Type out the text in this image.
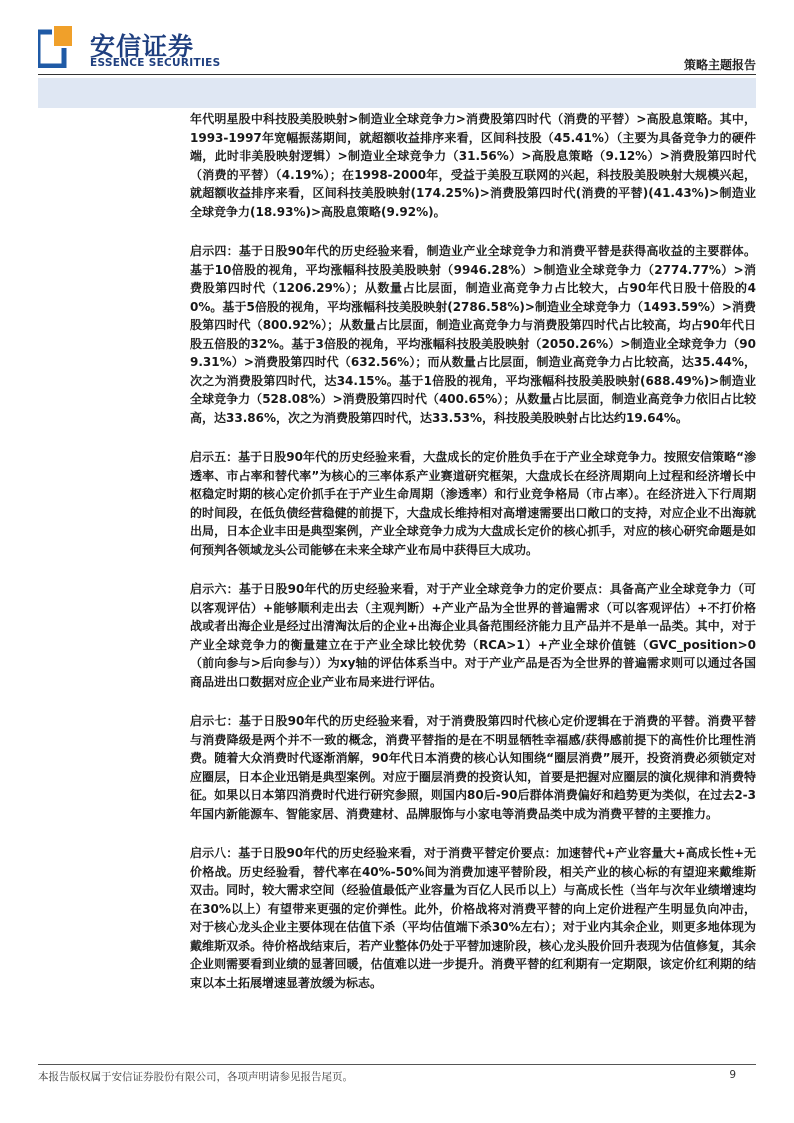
安信证券
ESSENCE SECURITIES	策略主题报告

年代明星股中科技股美股映射>制造业全球竞争力>消费股第四时代（消费的平替）>高股息策略。其中，1993-1997年宽幅振荡期间，就超额收益排序来看，区间科技股（45.41%）（主要为具备竞争力的硬件端，此时非美股映射逻辑）>制造业全球竞争力（31.56%）>高股息策略（9.12%）>消费股第四时代（消费的平替）（4.19%）；在1998-2000年，受益于美股互联网的兴起，科技股美股映射大规模兴起，就超额收益排序来看，区间科技美股映射(174.25%)>消费股第四时代(消费的平替)(41.43%)>制造业全球竞争力(18.93%)>高股息策略(9.92%)。

启示四：基于日股90年代的历史经验来看，制造业产业全球竞争力和消费平替是获得高收益的主要群体。基于10倍股的视角，平均涨幅科技股美股映射（9946.28%）>制造业全球竞争力（2774.77%）>消费股第四时代（1206.29%）；从数量占比层面，制造业高竞争力占比较大，占90年代日股十倍股的40%。基于5倍股的视角，平均涨幅科技美股映射(2786.58%)>制造业全球竞争力（1493.59%）>消费股第四时代（800.92%）；从数量占比层面，制造业高竞争力与消费股第四时代占比较高，均占90年代日股五倍股的32%。基于3倍股的视角，平均涨幅科技股美股映射（2050.26%）>制造业全球竞争力（909.31%）>消费股第四时代（632.56%）；而从数量占比层面，制造业高竞争力占比较高，达35.44%，次之为消费股第四时代，达34.15%。基于1倍股的视角，平均涨幅科技股美股映射(688.49%)>制造业全球竞争力（528.08%）>消费股第四时代（400.65%）；从数量占比层面，制造业高竞争力依旧占比较高，达33.86%，次之为消费股第四时代，达33.53%，科技股美股映射占比达约19.64%。

启示五：基于日股90年代的历史经验来看，大盘成长的定价胜负手在于产业全球竞争力。按照安信策略“渗透率、市占率和替代率”为核心的三率体系产业赛道研究框架，大盘成长在经济周期向上过程和经济增长中枢稳定时期的核心定价抓手在于产业生命周期（渗透率）和行业竞争格局（市占率）。在经济进入下行周期的时间段，在低负债经营稳健的前提下，大盘成长维持相对高增速需要出口敞口的支持，对应企业不出海就出局，日本企业丰田是典型案例，产业全球竞争力成为大盘成长定价的核心抓手，对应的核心研究命题是如何预判各领域龙头公司能够在未来全球产业布局中获得巨大成功。

启示六：基于日股90年代的历史经验来看，对于产业全球竞争力的定价要点：具备高产业全球竞争力（可以客观评估）+能够顺利走出去（主观判断）+产业产品为全世界的普遍需求（可以客观评估）+不打价格战或者出海企业是经过出清淘汰后的企业+出海企业具备范围经济能力且产品并不是单一品类。其中，对于产业全球竞争力的衡量建立在于产业全球比较优势（RCA>1）+产业全球价值链（GVC_position>0（前向参与>后向参与））为xy轴的评估体系当中。对于产业产品是否为全世界的普遍需求则可以通过各国商品进出口数据对应企业产业布局来进行评估。

启示七：基于日股90年代的历史经验来看，对于消费股第四时代核心定价逻辑在于消费的平替。消费平替与消费降级是两个并不一致的概念，消费平替指的是在不明显牺牲幸福感/获得感前提下的高性价比理性消费。随着大众消费时代逐渐消解，90年代日本消费的核心认知围绕“圈层消费”展开，投资消费必须锁定对应圈层，日本企业迅销是典型案例。对应于圈层消费的投资认知，首要是把握对应圈层的演化规律和消费特征。如果以日本第四消费时代进行研究参照，则国内80后-90后群体消费偏好和趋势更为类似，在过去2-3年国内新能源车、智能家居、消费建材、品牌服饰与小家电等消费品类中成为消费平替的主要推力。

启示八：基于日股90年代的历史经验来看，对于消费平替定价要点：加速替代+产业容量大+高成长性+无价格战。历史经验看，替代率在40%-50%间为消费加速平替阶段，相关产业的核心标的有望迎来戴维斯双击。同时，较大需求空间（经验值最低产业容量为百亿人民币以上）与高成长性（当年与次年业绩增速均在30%以上）有望带来更强的定价弹性。此外，价格战将对消费平替的向上定价进程产生明显负向冲击，对于核心龙头企业主要体现在估值下杀（平均估值端下杀30%左右）；对于业内其余企业，则更多地体现为戴维斯双杀。待价格战结束后，若产业整体仍处于平替加速阶段，核心龙头股价回升表现为估值修复，其余企业则需要看到业绩的显著回暖，估值难以进一步提升。消费平替的红利期有一定期限，该定价红利期的结束以本土拓展增速显著放缓为标志。

本报告版权属于安信证券股份有限公司，各项声明请参见报告尾页。	9
